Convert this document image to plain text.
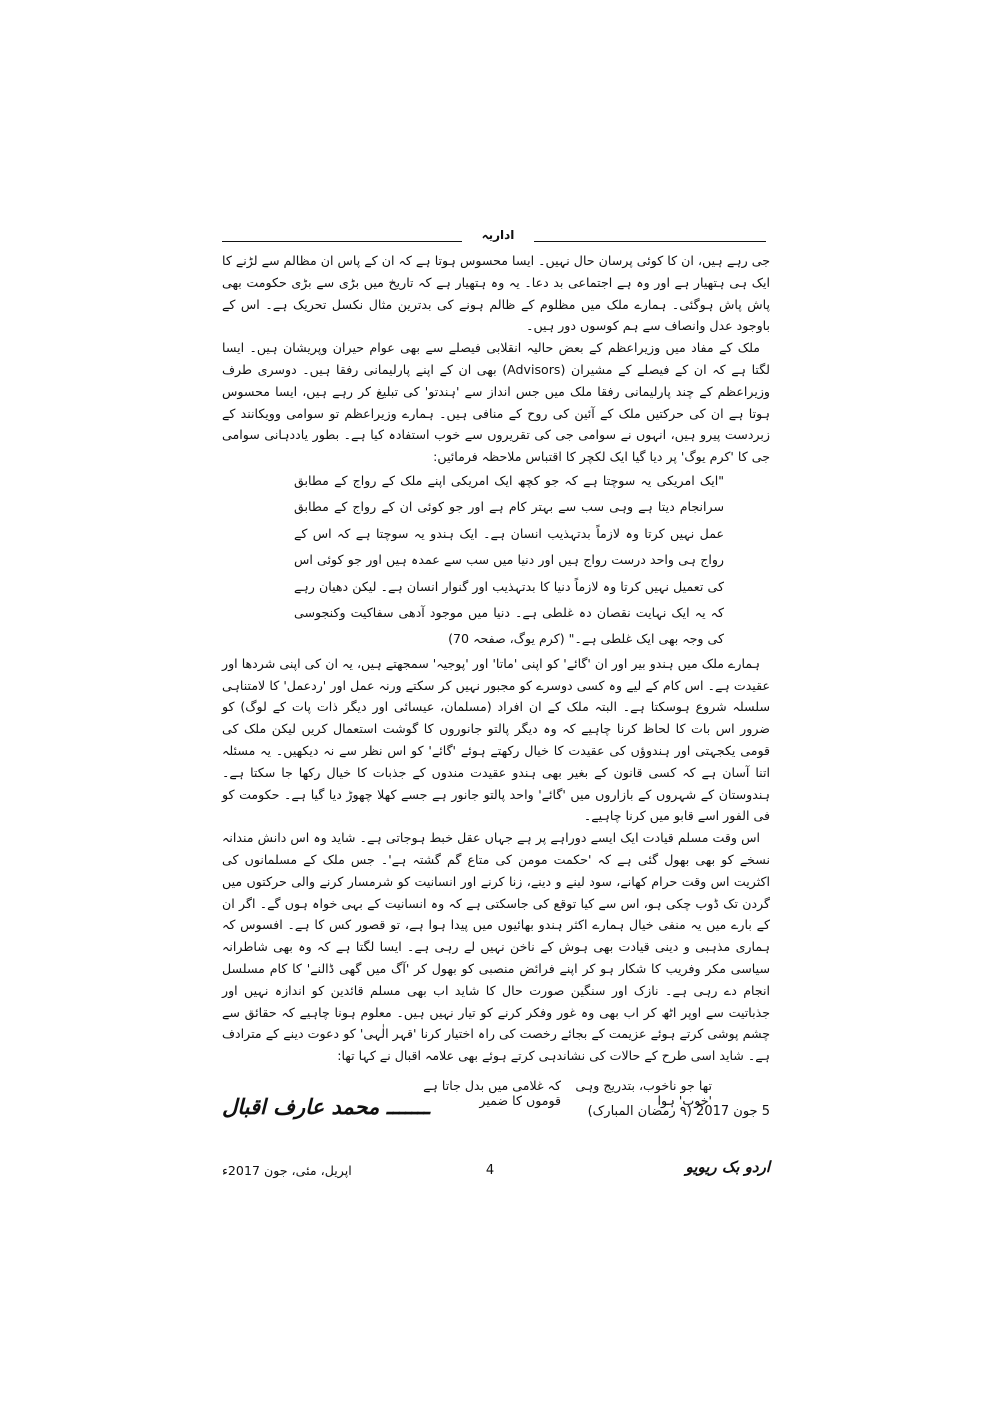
اداریہ

جی رہے ہیں، ان کا کوئی پرسان حال نہیں۔ ایسا محسوس ہوتا ہے کہ ان کے پاس ان مظالم سے لڑنے کا ایک ہی ہتھیار ہے اور وہ ہے اجتماعی بد دعا۔ یہ وہ ہتھیار ہے کہ تاریخ میں بڑی سے بڑی حکومت بھی پاش پاش ہوگئی۔ ہمارے ملک میں مظلوم کے ظالم ہونے کی بدترین مثال نکسل تحریک ہے۔ اس کے باوجود عدل وانصاف سے ہم کوسوں دور ہیں۔

ملک کے مفاد میں وزیراعظم کے بعض حالیہ انقلابی فیصلے سے بھی عوام حیران وپریشان ہیں۔ ایسا لگتا ہے کہ ان کے فیصلے کے مشیران (Advisors) بھی ان کے اپنے پارلیمانی رفقا ہیں۔ دوسری طرف وزیراعظم کے چند پارلیمانی رفقا ملک میں جس انداز سے 'ہندتو' کی تبلیغ کر رہے ہیں، ایسا محسوس ہوتا ہے ان کی حرکتیں ملک کے آئین کی روح کے منافی ہیں۔ ہمارے وزیراعظم تو سوامی وویکانند کے زبردست پیرو ہیں، انہوں نے سوامی جی کی تقریروں سے خوب استفادہ کیا ہے۔ بطور یاددہانی سوامی جی کا 'کرم یوگ' پر دیا گیا ایک لکچر کا اقتباس ملاحظہ فرمائیں:

"ایک امریکی یہ سوچتا ہے کہ جو کچھ ایک امریکی اپنے ملک کے رواج کے مطابق سرانجام دیتا ہے وہی سب سے بہتر کام ہے اور جو کوئی ان کے رواج کے مطابق عمل نہیں کرتا وہ لازماً بدتہذیب انسان ہے۔ ایک ہندو یہ سوچتا ہے کہ اس کے رواج ہی واحد درست رواج ہیں اور دنیا میں سب سے عمدہ ہیں اور جو کوئی اس کی تعمیل نہیں کرتا وہ لازماً دنیا کا بدتہذیب اور گنوار انسان ہے۔ لیکن دھیان رہے کہ یہ ایک نہایت نقصان دہ غلطی ہے۔ دنیا میں موجود آدھی سفاکیت وکنجوسی کی وجہ بھی ایک غلطی ہے۔" (کرم یوگ، صفحہ 70)

ہمارے ملک میں ہندو بیر اور ان 'گائے' کو اپنی 'ماتا' اور 'پوجیہ' سمجھتے ہیں، یہ ان کی اپنی شردھا اور عقیدت ہے۔ اس کام کے لیے وہ کسی دوسرے کو مجبور نہیں کر سکتے ورنہ عمل اور 'ردعمل' کا لامتناہی سلسلہ شروع ہوسکتا ہے۔ البتہ ملک کے ان افراد (مسلمان، عیسائی اور دیگر ذات پات کے لوگ) کو ضرور اس بات کا لحاظ کرنا چاہیے کہ وہ دیگر پالتو جانوروں کا گوشت استعمال کریں لیکن ملک کی قومی یکجہتی اور ہندوؤں کی عقیدت کا خیال رکھتے ہوئے 'گائے' کو اس نظر سے نہ دیکھیں۔ یہ مسئلہ اتنا آسان ہے کہ کسی قانون کے بغیر بھی ہندو عقیدت مندوں کے جذبات کا خیال رکھا جا سکتا ہے۔ ہندوستان کے شہروں کے بازاروں میں 'گائے' واحد پالتو جانور ہے جسے کھلا چھوڑ دیا گیا ہے۔ حکومت کو فی الفور اسے قابو میں کرنا چاہیے۔

اس وقت مسلم قیادت ایک ایسے دوراہے پر ہے جہاں عقل خبط ہوجاتی ہے۔ شاید وہ اس دانش مندانہ نسخے کو بھی بھول گئی ہے کہ 'حکمت مومن کی متاع گم گشتہ ہے'۔ جس ملک کے مسلمانوں کی اکثریت اس وقت حرام کھانے، سود لینے و دینے، زنا کرنے اور انسانیت کو شرمسار کرنے والی حرکتوں میں گردن تک ڈوب چکی ہو، اس سے کیا توقع کی جاسکتی ہے کہ وہ انسانیت کے بہی خواہ ہوں گے۔ اگر ان کے بارے میں یہ منفی خیال ہمارے اکثر ہندو بھائیوں میں پیدا ہوا ہے، تو قصور کس کا ہے۔ افسوس کہ ہماری مذہبی و دینی قیادت بھی ہوش کے ناخن نہیں لے رہی ہے۔ ایسا لگتا ہے کہ وہ بھی شاطرانہ سیاسی مکر وفریب کا شکار ہو کر اپنے فرائض منصبی کو بھول کر 'آگ میں گھی ڈالنے' کا کام مسلسل انجام دے رہی ہے۔ نازک اور سنگین صورت حال کا شاید اب بھی مسلم قائدین کو اندازہ نہیں اور جذباتیت سے اوپر اٹھ کر اب بھی وہ غور وفکر کرنے کو تیار نہیں ہیں۔ معلوم ہونا چاہیے کہ حقائق سے چشم پوشی کرتے ہوئے عزیمت کے بجائے رخصت کی راہ اختیار کرنا 'قہر الٰہی' کو دعوت دینے کے مترادف ہے۔ شاید اسی طرح کے حالات کی نشاندہی کرتے ہوئے بھی علامہ اقبال نے کہا تھا:

تھا جو ناخوب، بتدریج وہی 'خوب' ہوا
کہ غلامی میں بدل جاتا ہے قوموں کا ضمیر
5 جون 2017 (۹ رمضان المبارک)
ـــــــ محمد عارف اقبال
اردو بک ریویو
4
اپریل، مئی، جون 2017ء
